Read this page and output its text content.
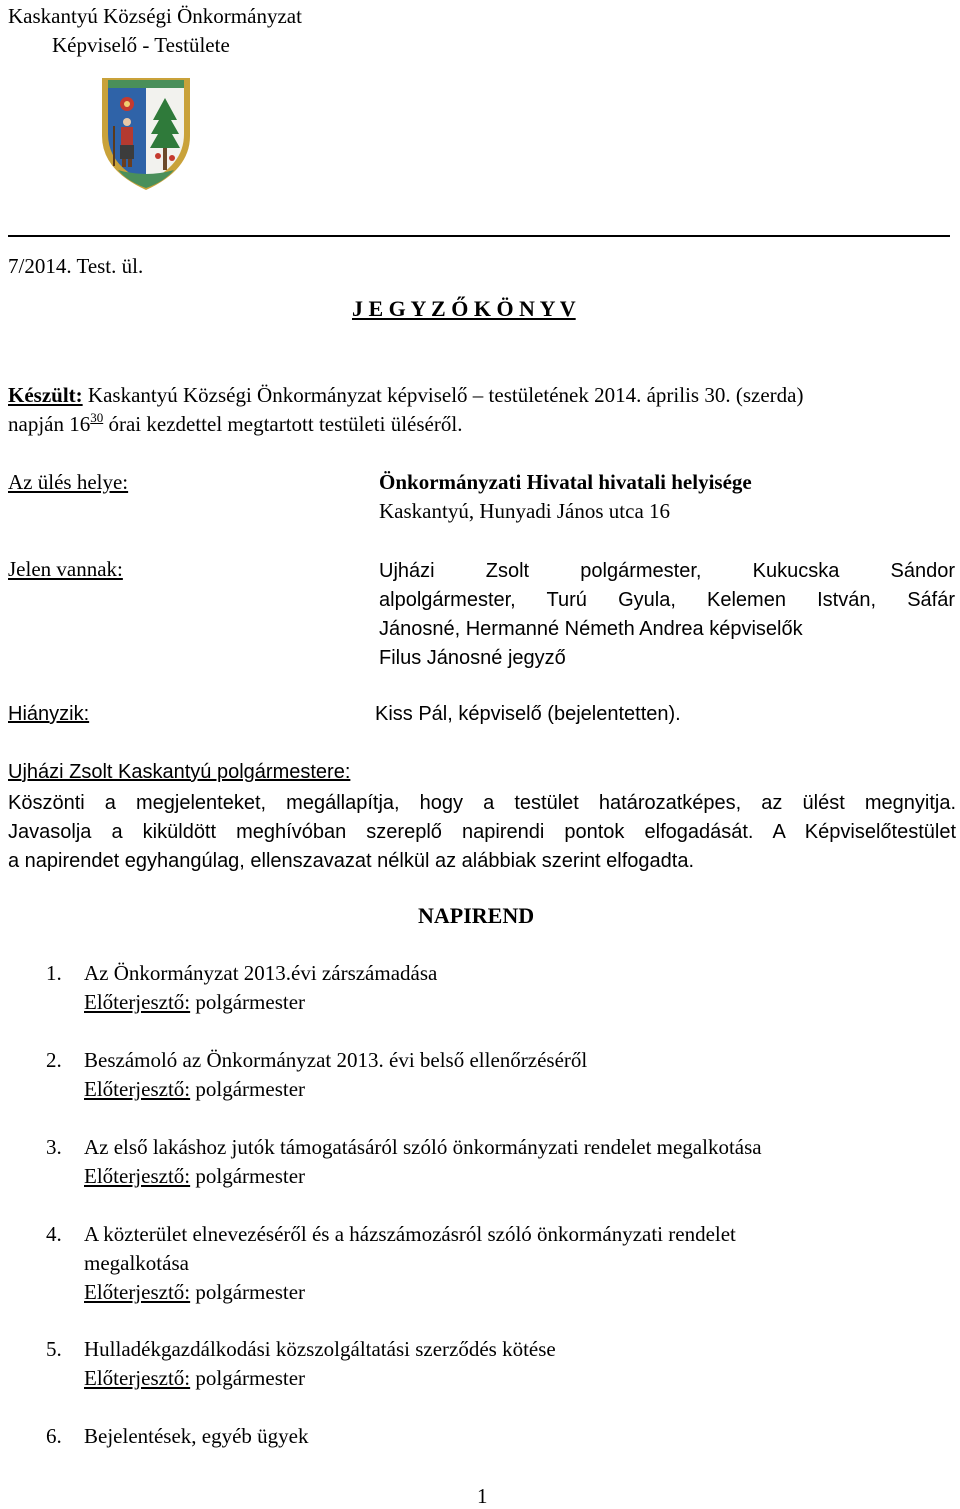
Kaskantyú Községi Önkormányzat
Képviselő - Testülete
7/2014. Test. ül.
J E G Y Z Ő K Ö N Y V
Készült: Kaskantyú Községi Önkormányzat képviselő – testületének 2014. április 30. (szerda)
napján $16^{30}$ órai kezdettel megtartott testületi üléséről.
Az ülés helye:	Önkormányzati Hivatal hivatali helyisége
Kaskantyú, Hunyadi János utca 16
Jelen vannak:	Ujházi Zsolt polgármester, Kukucska Sándor
alpolgármester, Turú Gyula, Kelemen István, Sáfár
Jánosné, Hermanné Németh Andrea képviselők
Filus Jánosné jegyző
Hiányzik:	Kiss Pál, képviselő (bejelentetten).
Ujházi Zsolt Kaskantyú polgármestere:
Köszönti a megjelenteket, megállapítja, hogy a testület határozatképes, az ülést megnyitja.
Javasolja a kiküldött meghívóban szereplő napirendi pontok elfogadását. A Képviselőtestület
a napirendet egyhangúlag, ellenszavazat nélkül az alábbiak szerint elfogadta.
NAPIREND
1. Az Önkormányzat 2013.évi zárszámadása
Előterjesztő: polgármester
2. Beszámoló az Önkormányzat 2013. évi belső ellenőrzéséről
Előterjesztő: polgármester
3. Az első lakáshoz jutók támogatásáról szóló önkormányzati rendelet megalkotása
Előterjesztő: polgármester
4. A közterület elnevezéséről és a házszámozásról szóló önkormányzati rendelet
megalkotása
Előterjesztő: polgármester
5. Hulladékgazdálkodási közszolgáltatási szerződés kötése
Előterjesztő: polgármester
6. Bejelentések, egyéb ügyek
1
